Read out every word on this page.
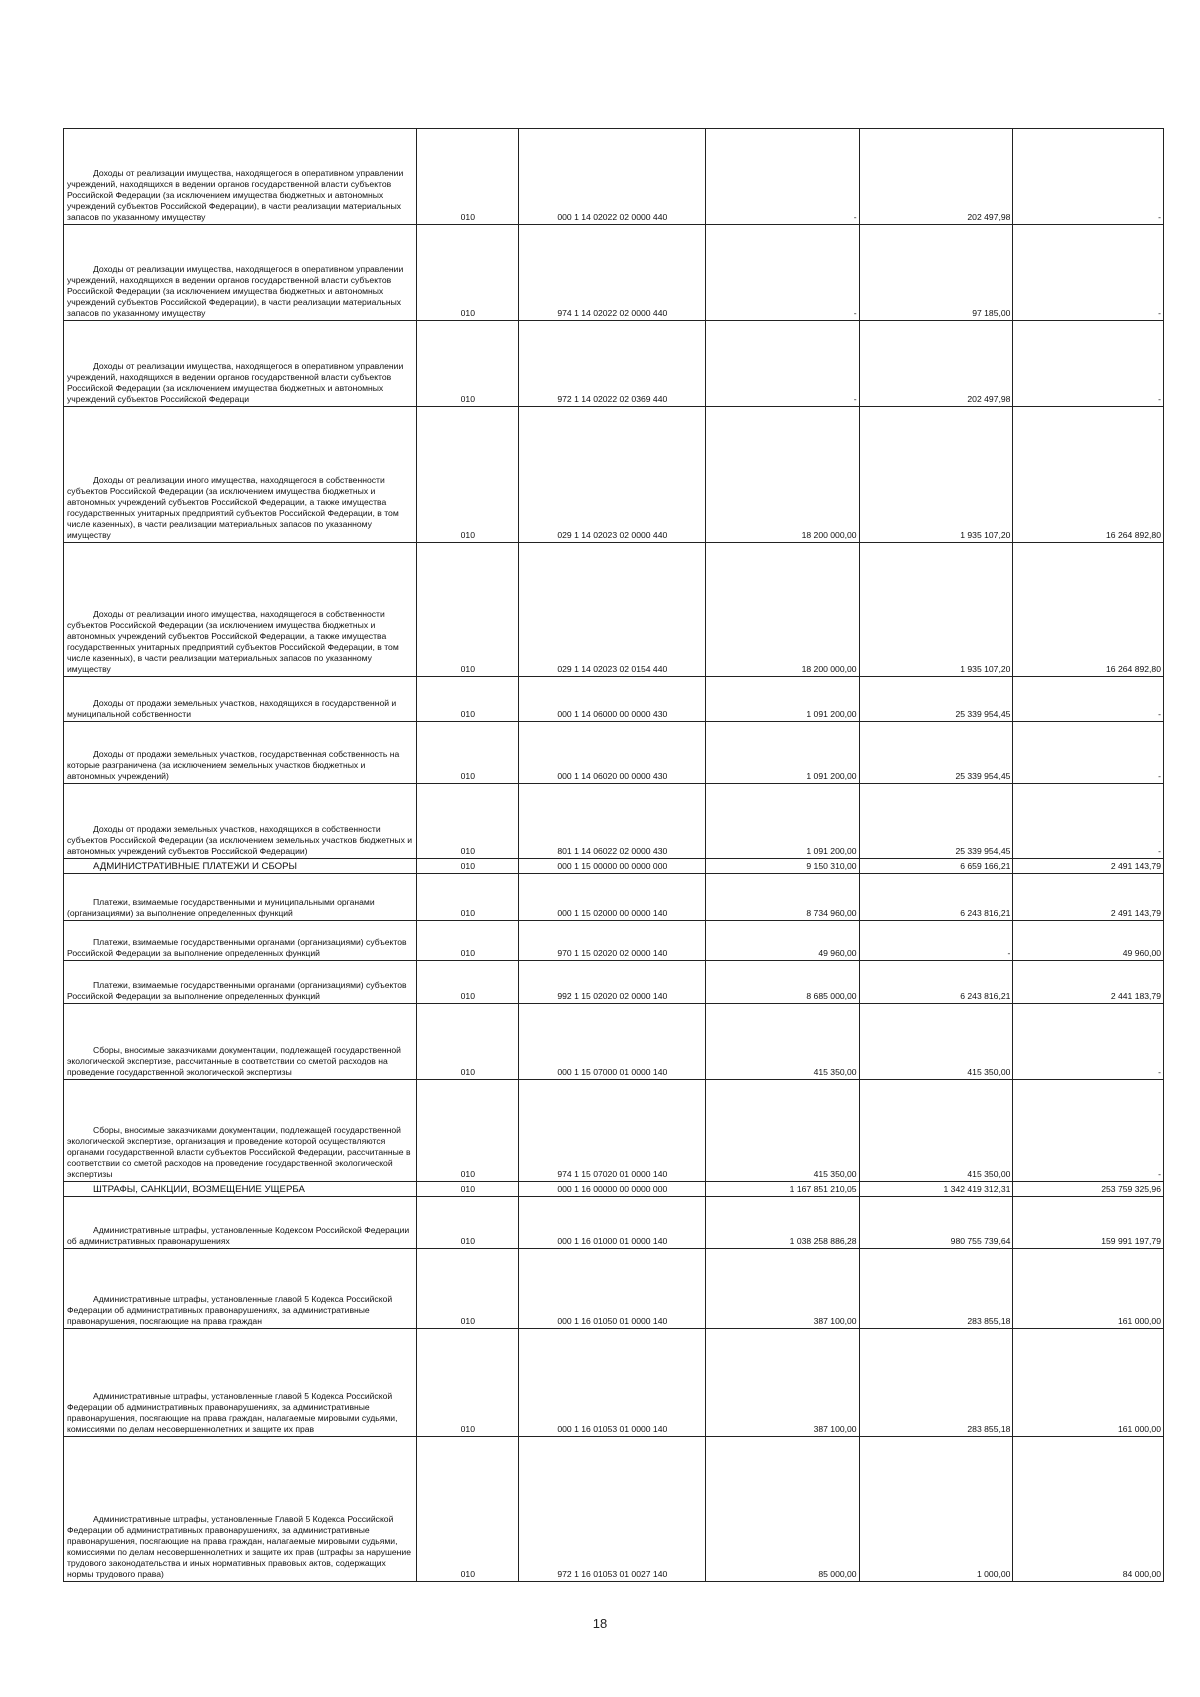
Доходы от реализации имущества, находящегося в оперативном управлении учреждений, находящихся в ведении органов государственной власти субъектов Российской Федерации (за исключением имущества бюджетных и автономных учреждений субъектов Российской Федерации), в части реализации материальных запасов по указанному имуществу	010	000 1 14 02022 02 0000 440	-	202 497,98	-

Доходы от реализации имущества, находящегося в оперативном управлении учреждений, находящихся в ведении органов государственной власти субъектов Российской Федерации (за исключением имущества бюджетных и автономных учреждений субъектов Российской Федерации), в части реализации материальных запасов по указанному имуществу	010	974 1 14 02022 02 0000 440	-	97 185,00	-

Доходы от реализации имущества, находящегося в оперативном управлении учреждений, находящихся в ведении органов государственной власти субъектов Российской Федерации (за исключением имущества бюджетных и автономных учреждений субъектов Российской Федераци	010	972 1 14 02022 02 0369 440	-	202 497,98	-

Доходы от реализации иного имущества, находящегося в собственности субъектов Российской Федерации (за исключением имущества бюджетных и автономных учреждений субъектов Российской Федерации, а также имущества государственных унитарных предприятий субъектов Российской Федерации, в том числе казенных), в части реализации материальных запасов по указанному имуществу	010	029 1 14 02023 02 0000 440	18 200 000,00	1 935 107,20	16 264 892,80

Доходы от реализации иного имущества, находящегося в собственности субъектов Российской Федерации (за исключением имущества бюджетных и автономных учреждений субъектов Российской Федерации, а также имущества государственных унитарных предприятий субъектов Российской Федерации, в том числе казенных), в части реализации материальных запасов по указанному имуществу	010	029 1 14 02023 02 0154 440	18 200 000,00	1 935 107,20	16 264 892,80

Доходы от продажи земельных участков, находящихся в государственной и муниципальной собственности	010	000 1 14 06000 00 0000 430	1 091 200,00	25 339 954,45	-

Доходы от продажи земельных участков, государственная собственность на которые разграничена (за исключением земельных участков бюджетных и автономных учреждений)	010	000 1 14 06020 00 0000 430	1 091 200,00	25 339 954,45	-

Доходы от продажи земельных участков, находящихся в собственности субъектов Российской Федерации (за исключением земельных участков бюджетных и автономных учреждений субъектов Российской Федерации)	010	801 1 14 06022 02 0000 430	1 091 200,00	25 339 954,45	-

АДМИНИСТРАТИВНЫЕ ПЛАТЕЖИ И СБОРЫ	010	000 1 15 00000 00 0000 000	9 150 310,00	6 659 166,21	2 491 143,79

Платежи, взимаемые государственными и муниципальными органами (организациями) за выполнение определенных функций	010	000 1 15 02000 00 0000 140	8 734 960,00	6 243 816,21	2 491 143,79

Платежи, взимаемые государственными органами (организациями) субъектов Российской Федерации за выполнение определенных функций	010	970 1 15 02020 02 0000 140	49 960,00	-	49 960,00

Платежи, взимаемые государственными органами (организациями) субъектов Российской Федерации за выполнение определенных функций	010	992 1 15 02020 02 0000 140	8 685 000,00	6 243 816,21	2 441 183,79

Сборы, вносимые заказчиками документации, подлежащей государственной экологической экспертизе, рассчитанные в соответствии со сметой расходов на проведение государственной экологической экспертизы	010	000 1 15 07000 01 0000 140	415 350,00	415 350,00	-

Сборы, вносимые заказчиками документации, подлежащей государственной экологической экспертизе, организация и проведение которой осуществляются органами государственной власти субъектов Российской Федерации, рассчитанные в соответствии со сметой расходов на проведение государственной экологической экспертизы	010	974 1 15 07020 01 0000 140	415 350,00	415 350,00	-

ШТРАФЫ, САНКЦИИ, ВОЗМЕЩЕНИЕ УЩЕРБА	010	000 1 16 00000 00 0000 000	1 167 851 210,05	1 342 419 312,31	253 759 325,96

Административные штрафы, установленные Кодексом Российской Федерации об административных правонарушениях	010	000 1 16 01000 01 0000 140	1 038 258 886,28	980 755 739,64	159 991 197,79

Административные штрафы, установленные главой 5 Кодекса Российской Федерации об административных правонарушениях, за административные правонарушения, посягающие на права граждан	010	000 1 16 01050 01 0000 140	387 100,00	283 855,18	161 000,00

Административные штрафы, установленные главой 5 Кодекса Российской Федерации об административных правонарушениях, за административные правонарушения, посягающие на права граждан, налагаемые мировыми судьями, комиссиями по делам несовершеннолетних и защите их прав	010	000 1 16 01053 01 0000 140	387 100,00	283 855,18	161 000,00

Административные штрафы, установленные Главой 5 Кодекса Российской Федерации об административных правонарушениях, за административные правонарушения, посягающие на права граждан, налагаемые мировыми судьями, комиссиями по делам несовершеннолетних и защите их прав (штрафы за нарушение трудового законодательства и иных нормативных правовых актов, содержащих нормы трудового права)	010	972 1 16 01053 01 0027 140	85 000,00	1 000,00	84 000,00
18
